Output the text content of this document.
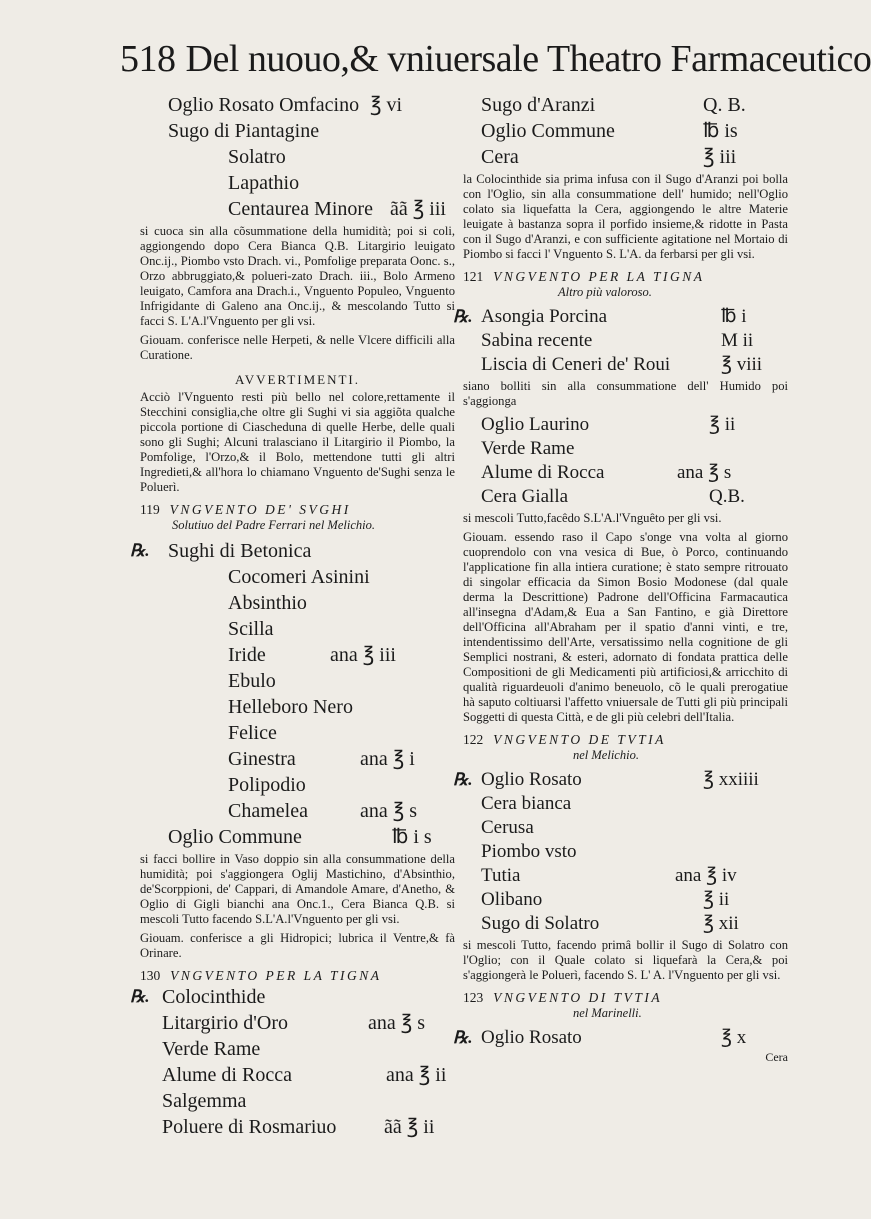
518 Del nuouo,& vniuersale Theatro Farmaceutico
Oglio Rosato Omfacino ℥ vi
Sugo di Piantagine
Solatro
Lapathio
Centaurea Minore ãã ℥ iii
si cuoca sin alla cõsummatione della humidità; poi si coli, aggiongendo dopo Cera Bianca Q.B. Litargirio leuigato Onc.ij., Piombo vsto Drach. vi., Pomfolige preparata Oonc. s., Orzo abbruggiato,& polueri-zato Drach. iii., Bolo Armeno leuigato, Camfora ana Drach.i., Vnguento Populeo, Vnguento Infrigidante di Galeno ana Onc.ij., & mescolando Tutto si facci S. L'A.l'Vnguento per gli vsi.
Giouam. conferisce nelle Herpeti, & nelle Vlcere difficili alla Curatione.
AVVERTIMENTI.
Acciò l'Vnguento resti più bello nel colore,rettamente il Stecchini consiglia,che oltre gli Sughi vi sia aggiõta qualche piccola portione di Ciascheduna di quelle Herbe, delle quali sono gli Sughi; Alcuni tralasciano il Litargirio il Piombo, la Pomfolige, l'Orzo,& il Bolo, mettendone tutti gli altri Ingredieti,& all'hora lo chiamano Vnguento de'Sughi senza le Poluerì.
119 VNGVENTO DE' SVGHI
Solutiuo del Padre Ferrari nel Melichio.
℞. Sughi di Betonica
Cocomeri Asinini
Absinthio
Scilla
Iride	ana ℥ iii
Ebulo
Helleboro Nero
Felice
Ginestra	ana ℥ i
Polipodio
Chamelea	ana ℥ s
Oglio Commune	℔ i s
si facci bollire in Vaso doppio sin alla consummatione della humidità; poi s'aggiongera Oglij Mastichino, d'Absinthio, de'Scorppioni, de' Cappari, di Amandole Amare, d'Anetho, & Oglio di Gigli bianchi ana Onc.1., Cera Bianca Q.B. si mescoli Tutto facendo S.L'A.l'Vnguento per gli vsi.
Giouam. conferisce a gli Hidropici; lubrica il Ventre,& fà Orinare.
130 VNGVENTO PER LA TIGNA
℞. Colocinthide
Litargirio d'Oro	ana ℥ s
Verde Rame
Alume di Rocca	ana ℥ ii
Salgemma
Poluere di Rosmariuo ãã ℥ ii
Sugo d'Aranzi	Q. B.
Oglio Commune	℔ is
Cera	℥ iii
la Colocinthide sia prima infusa con il Sugo d'Aranzi poi bolla con l'Oglio, sin alla consummatione dell' humido; nell'Oglio colato sia liquefatta la Cera, aggiongendo le altre Materie leuigate à bastanza sopra il porfido insieme,& ridotte in Pasta con il Sugo d'Aranzi, e con sufficiente agitatione nel Mortaio di Piombo si facci l' Vnguento S. L'A. da ferbarsi per gli vsi.
121 VNGVENTO PER LA TIGNA
Altro più valoroso.
℞. Asongia Porcina	℔ i
Sabina recente	M ii
Liscia di Ceneri de' Roui	℥ viii
siano bolliti sin alla consummatione dell' Humido poi s'aggionga
Oglio Laurino	℥ ii
Verde Rame
Alume di Rocca	ana ℥ s
Cera Gialla	Q.B.
si mescoli Tutto,facêdo S.L'A.l'Vnguêto per gli vsi.
Giouam. essendo raso il Capo s'onge vna volta al giorno cuoprendolo con vna vesica di Bue, ò Porco, continuando l'applicatione fin alla intiera curatione; è stato sempre ritrouato di singolar efficacia da Simon Bosio Modonese (dal quale derma la Descrittione) Padrone dell'Officina Farmacautica all'insegna d'Adam,& Eua a San Fantino, e già Direttore dell'Officina all'Abraham per il spatio d'anni vinti, e tre, intendentissimo dell'Arte, versatissimo nella cognitione de gli Semplici nostrani, & esteri, adornato di fondata prattica delle Compositioni de gli Medicamenti più artificiosi,& arricchito di qualità riguardeuoli d'animo beneuolo, cõ le quali prerogatiue hà saputo coltiuarsi l'affetto vniuersale de Tutti gli più principali Soggetti di questa Città, e de gli più celebri dell'Italia.
122 VNGVENTO DE TVTIA
nel Melichio.
℞. Oglio Rosato	℥ xxiiii
Cera bianca
Cerusa
Piombo vsto
Tutia	ana ℥ iv
Olibano	℥ ii
Sugo di Solatro	℥ xii
si mescoli Tutto, facendo primâ bollir il Sugo di Solatro con l'Oglio; con il Quale colato si liquefarà la Cera,& poi s'aggiongerà le Poluerì, facendo S. L' A. l'Vnguento per gli vsi.
123 VNGVENTO DI TVTIA
nel Marinelli.
℞. Oglio Rosato	℥ x
Cera
